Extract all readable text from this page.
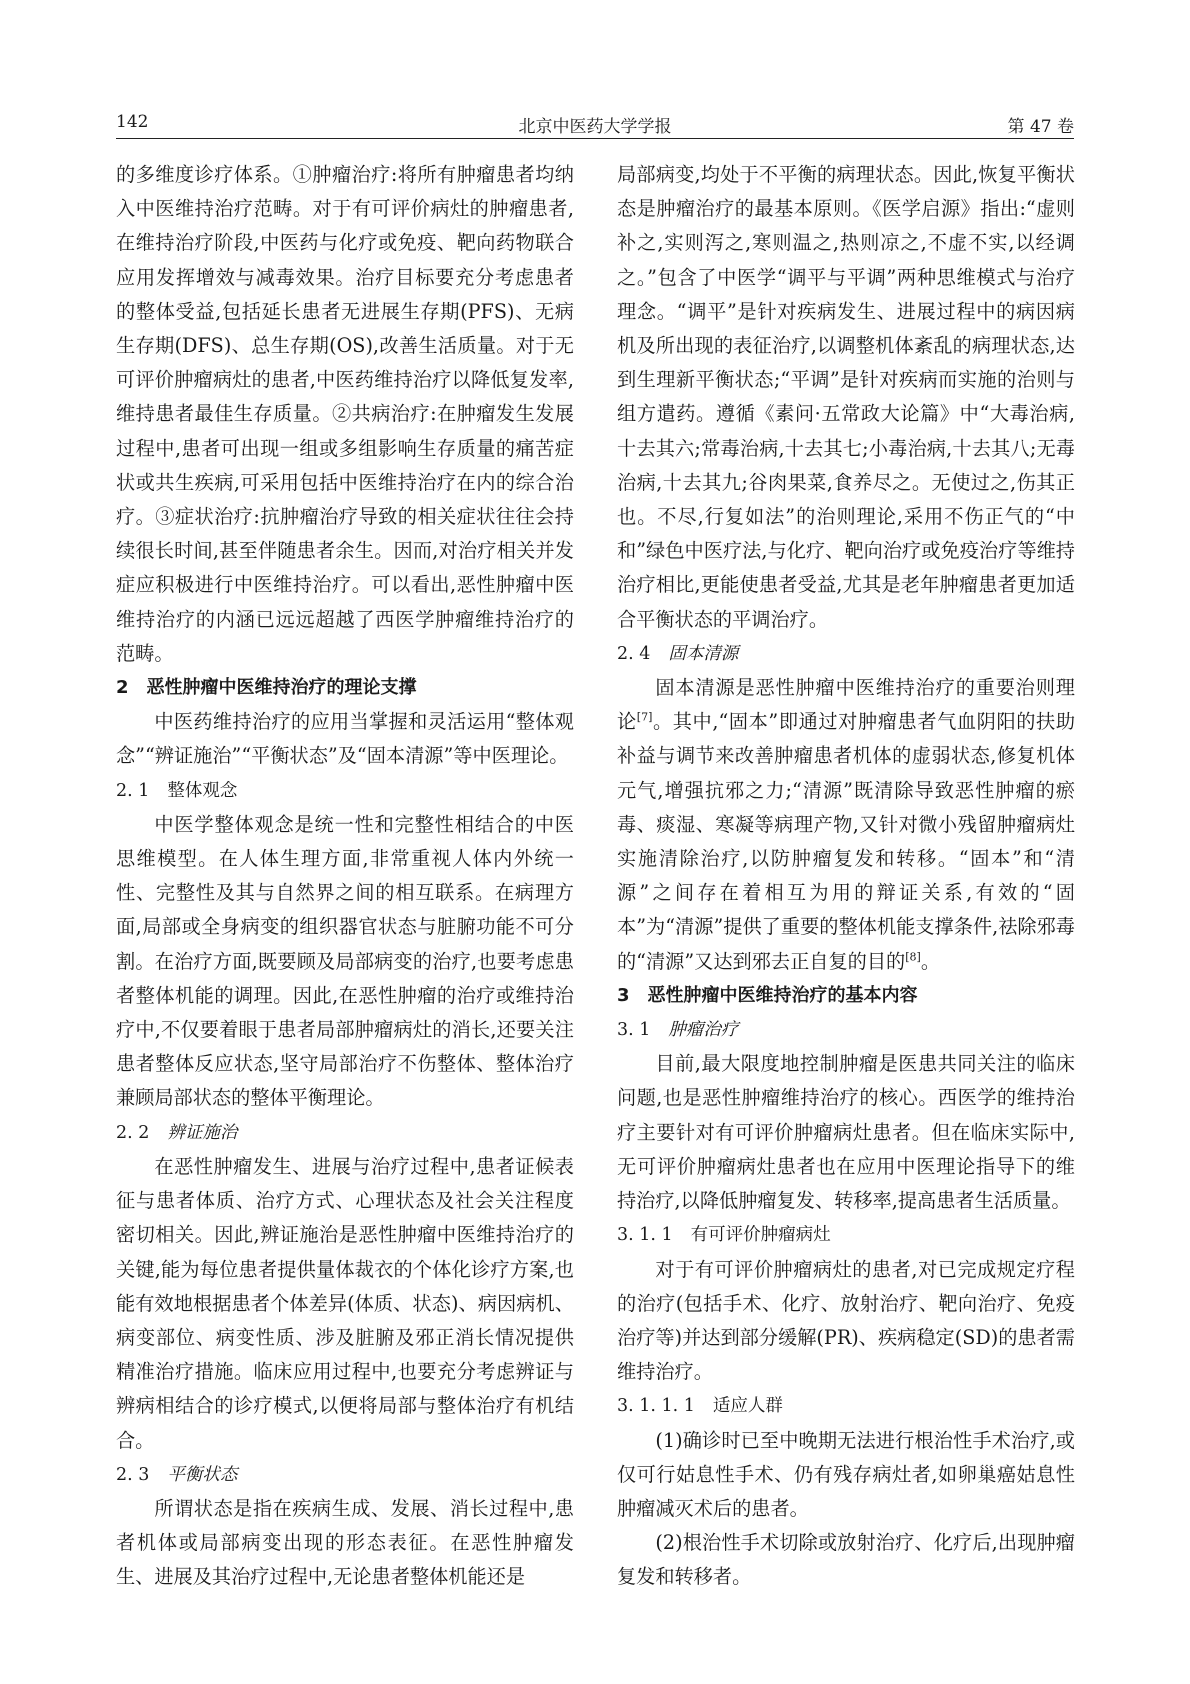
142	北京中医药大学学报	第 47 卷

的多维度诊疗体系。①肿瘤治疗:将所有肿瘤患者均纳入中医维持治疗范畴。对于有可评价病灶的肿瘤患者,在维持治疗阶段,中医药与化疗或免疫、靶向药物联合应用发挥增效与减毒效果。治疗目标要充分考虑患者的整体受益,包括延长患者无进展生存期(PFS)、无病生存期(DFS)、总生存期(OS),改善生活质量。对于无可评价肿瘤病灶的患者,中医药维持治疗以降低复发率,维持患者最佳生存质量。②共病治疗:在肿瘤发生发展过程中,患者可出现一组或多组影响生存质量的痛苦症状或共生疾病,可采用包括中医维持治疗在内的综合治疗。③症状治疗:抗肿瘤治疗导致的相关症状往往会持续很长时间,甚至伴随患者余生。因而,对治疗相关并发症应积极进行中医维持治疗。可以看出,恶性肿瘤中医维持治疗的内涵已远远超越了西医学肿瘤维持治疗的范畴。

2　恶性肿瘤中医维持治疗的理论支撑

中医药维持治疗的应用当掌握和灵活运用“整体观念”“辨证施治”“平衡状态”及“固本清源”等中医理论。

2. 1 整体观念

中医学整体观念是统一性和完整性相结合的中医思维模型。在人体生理方面,非常重视人体内外统一性、完整性及其与自然界之间的相互联系。在病理方面,局部或全身病变的组织器官状态与脏腑功能不可分割。在治疗方面,既要顾及局部病变的治疗,也要考虑患者整体机能的调理。因此,在恶性肿瘤的治疗或维持治疗中,不仅要着眼于患者局部肿瘤病灶的消长,还要关注患者整体反应状态,坚守局部治疗不伤整体、整体治疗兼顾局部状态的整体平衡理论。

2. 2 辨证施治

在恶性肿瘤发生、进展与治疗过程中,患者证候表征与患者体质、治疗方式、心理状态及社会关注程度密切相关。因此,辨证施治是恶性肿瘤中医维持治疗的关键,能为每位患者提供量体裁衣的个体化诊疗方案,也能有效地根据患者个体差异(体质、状态)、病因病机、病变部位、病变性质、涉及脏腑及邪正消长情况提供精准治疗措施。临床应用过程中,也要充分考虑辨证与辨病相结合的诊疗模式,以便将局部与整体治疗有机结合。

2. 3 平衡状态

所谓状态是指在疾病生成、发展、消长过程中,患者机体或局部病变出现的形态表征。在恶性肿瘤发生、进展及其治疗过程中,无论患者整体机能还是

局部病变,均处于不平衡的病理状态。因此,恢复平衡状态是肿瘤治疗的最基本原则。《医学启源》指出:“虚则补之,实则泻之,寒则温之,热则凉之,不虚不实,以经调之。”包含了中医学“调平与平调”两种思维模式与治疗理念。“调平”是针对疾病发生、进展过程中的病因病机及所出现的表征治疗,以调整机体紊乱的病理状态,达到生理新平衡状态;“平调”是针对疾病而实施的治则与组方遣药。遵循《素问·五常政大论篇》中“大毒治病,十去其六;常毒治病,十去其七;小毒治病,十去其八;无毒治病,十去其九;谷肉果菜,食养尽之。无使过之,伤其正也。不尽,行复如法”的治则理论,采用不伤正气的“中和”绿色中医疗法,与化疗、靶向治疗或免疫治疗等维持治疗相比,更能使患者受益,尤其是老年肿瘤患者更加适合平衡状态的平调治疗。

2. 4 固本清源

固本清源是恶性肿瘤中医维持治疗的重要治则理论[7]。其中,“固本”即通过对肿瘤患者气血阴阳的扶助补益与调节来改善肿瘤患者机体的虚弱状态,修复机体元气,增强抗邪之力;“清源”既清除导致恶性肿瘤的瘀毒、痰湿、寒凝等病理产物,又针对微小残留肿瘤病灶实施清除治疗,以防肿瘤复发和转移。“固本”和“清源”之间存在着相互为用的辩证关系,有效的“固本”为“清源”提供了重要的整体机能支撑条件,祛除邪毒的“清源”又达到邪去正自复的目的[8]。

3　恶性肿瘤中医维持治疗的基本内容

3. 1 肿瘤治疗

目前,最大限度地控制肿瘤是医患共同关注的临床问题,也是恶性肿瘤维持治疗的核心。西医学的维持治疗主要针对有可评价肿瘤病灶患者。但在临床实际中,无可评价肿瘤病灶患者也在应用中医理论指导下的维持治疗,以降低肿瘤复发、转移率,提高患者生活质量。

3. 1. 1 有可评价肿瘤病灶

对于有可评价肿瘤病灶的患者,对已完成规定疗程的治疗(包括手术、化疗、放射治疗、靶向治疗、免疫治疗等)并达到部分缓解(PR)、疾病稳定(SD)的患者需维持治疗。

3. 1. 1. 1 适应人群

(1)确诊时已至中晚期无法进行根治性手术治疗,或仅可行姑息性手术、仍有残存病灶者,如卵巢癌姑息性肿瘤减灭术后的患者。

(2)根治性手术切除或放射治疗、化疗后,出现肿瘤复发和转移者。
